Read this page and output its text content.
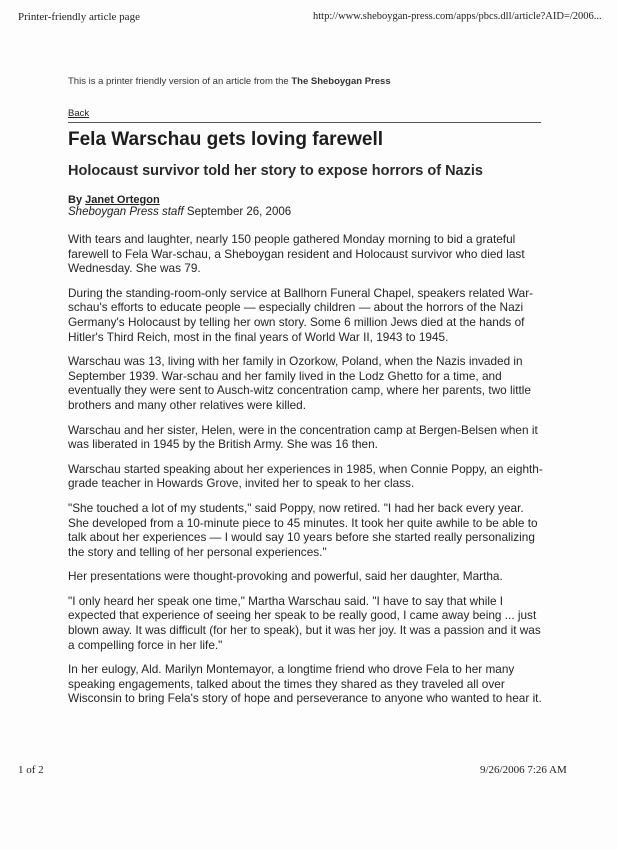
Printer-friendly article page	http://www.sheboygan-press.com/apps/pbcs.dll/article?AID=/2006...
This is a printer friendly version of an article from the The Sheboygan Press
Back
Fela Warschau gets loving farewell
Holocaust survivor told her story to expose horrors of Nazis
By Janet Ortegon
Sheboygan Press staff September 26, 2006

With tears and laughter, nearly 150 people gathered Monday morning to bid a grateful farewell to Fela War-schau, a Sheboygan resident and Holocaust survivor who died last Wednesday. She was 79.

During the standing-room-only service at Ballhorn Funeral Chapel, speakers related War-schau's efforts to educate people — especially children — about the horrors of the Nazi Germany's Holocaust by telling her own story. Some 6 million Jews died at the hands of Hitler's Third Reich, most in the final years of World War II, 1943 to 1945.

Warschau was 13, living with her family in Ozorkow, Poland, when the Nazis invaded in September 1939. War-schau and her family lived in the Lodz Ghetto for a time, and eventually they were sent to Ausch-witz concentration camp, where her parents, two little brothers and many other relatives were killed.

Warschau and her sister, Helen, were in the concentration camp at Bergen-Belsen when it was liberated in 1945 by the British Army. She was 16 then.

Warschau started speaking about her experiences in 1985, when Connie Poppy, an eighth-grade teacher in Howards Grove, invited her to speak to her class.

"She touched a lot of my students," said Poppy, now retired. "I had her back every year. She developed from a 10-minute piece to 45 minutes. It took her quite awhile to be able to talk about her experiences — I would say 10 years before she started really personalizing the story and telling of her personal experiences."

Her presentations were thought-provoking and powerful, said her daughter, Martha.

"I only heard her speak one time," Martha Warschau said. "I have to say that while I expected that experience of seeing her speak to be really good, I came away being ... just blown away. It was difficult (for her to speak), but it was her joy. It was a passion and it was a compelling force in her life."

In her eulogy, Ald. Marilyn Montemayor, a longtime friend who drove Fela to her many speaking engagements, talked about the times they shared as they traveled all over Wisconsin to bring Fela's story of hope and perseverance to anyone who wanted to hear it.

1 of 2	9/26/2006 7:26 AM
